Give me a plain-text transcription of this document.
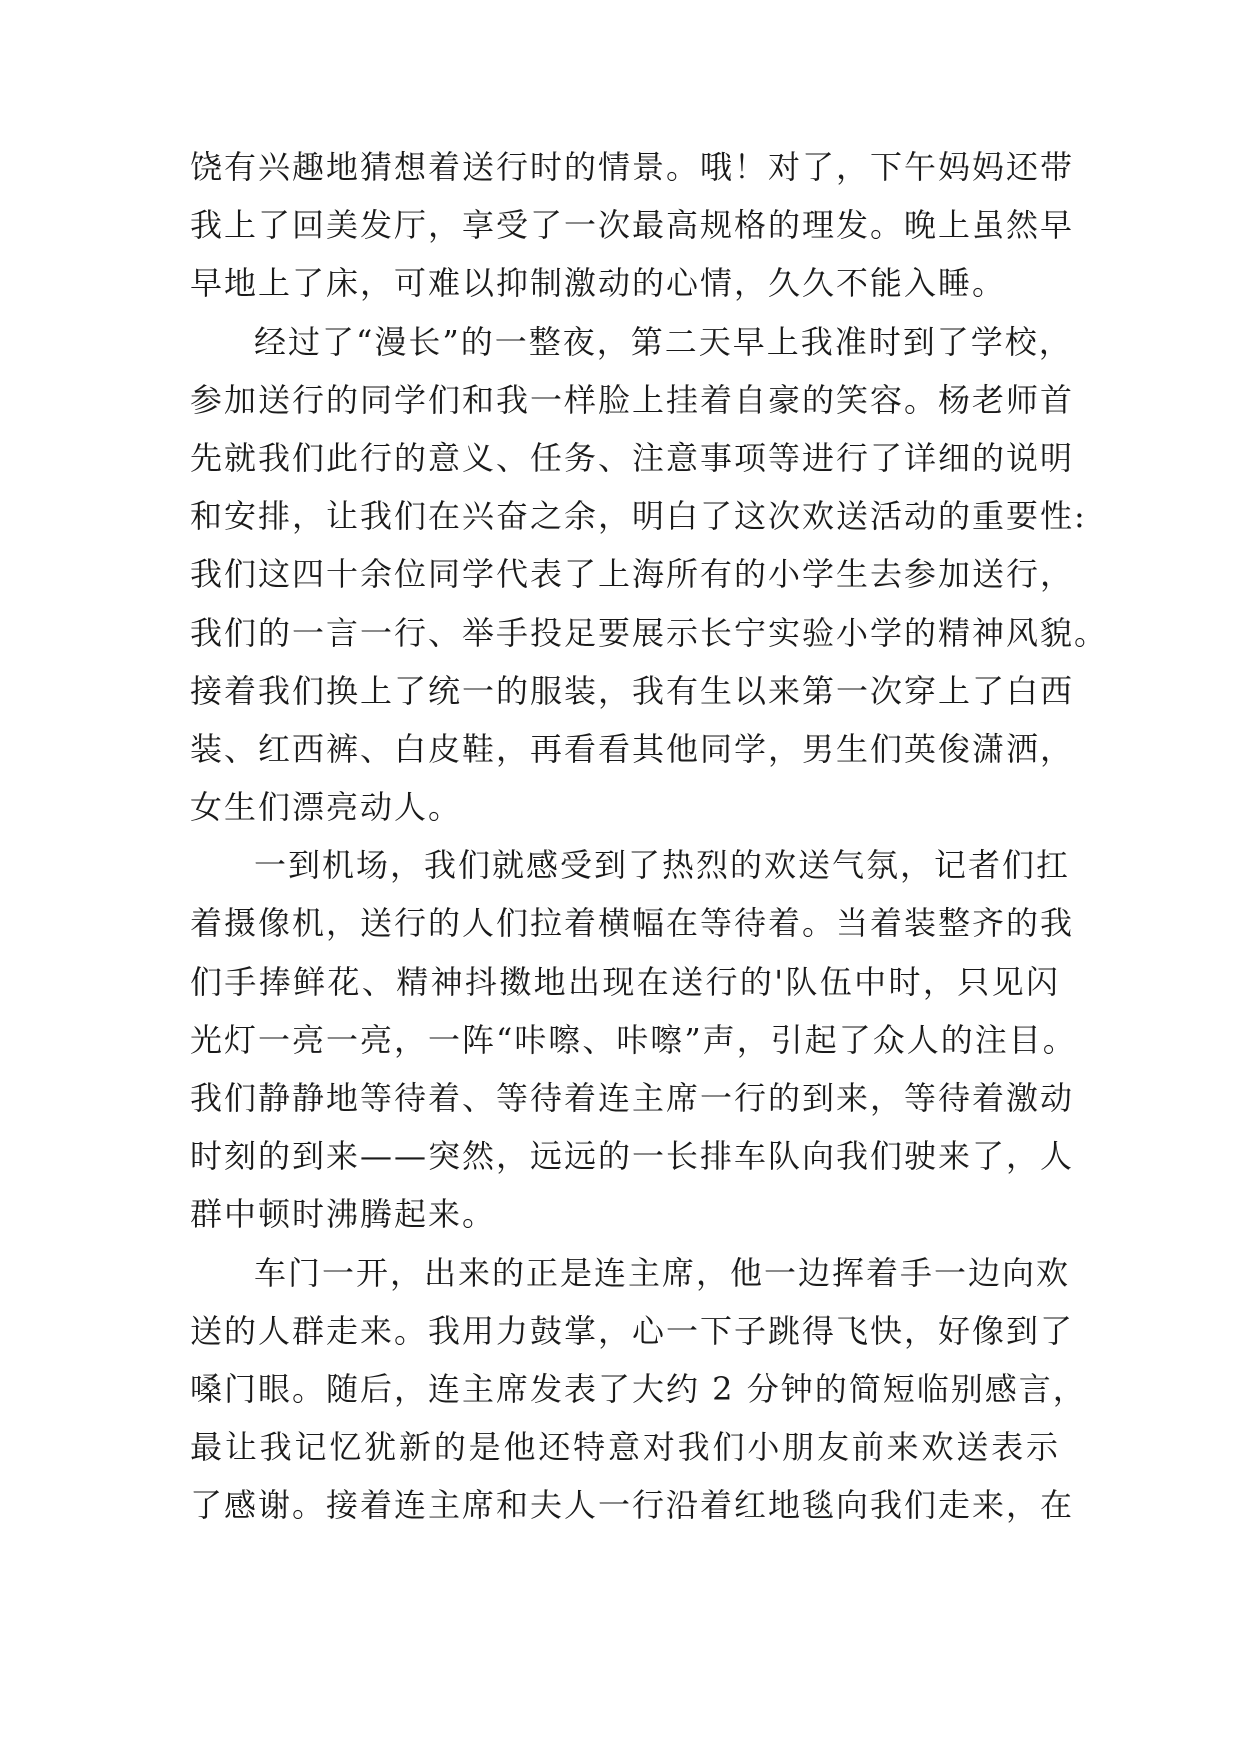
饶有兴趣地猜想着送行时的情景。哦！对了，下午妈妈还带
我上了回美发厅，享受了一次最高规格的理发。晚上虽然早
早地上了床，可难以抑制激动的心情，久久不能入睡。
经过了“漫长”的一整夜，第二天早上我准时到了学校，
参加送行的同学们和我一样脸上挂着自豪的笑容。杨老师首
先就我们此行的意义、任务、注意事项等进行了详细的说明
和安排，让我们在兴奋之余，明白了这次欢送活动的重要性:
我们这四十余位同学代表了上海所有的小学生去参加送行，
我们的一言一行、举手投足要展示长宁实验小学的精神风貌。
接着我们换上了统一的服装，我有生以来第一次穿上了白西
装、红西裤、白皮鞋，再看看其他同学，男生们英俊潇洒，
女生们漂亮动人。
一到机场，我们就感受到了热烈的欢送气氛，记者们扛
着摄像机，送行的人们拉着横幅在等待着。当着装整齐的我
们手捧鲜花、精神抖擞地出现在送行的'队伍中时，只见闪
光灯一亮一亮，一阵“咔嚓、咔嚓”声，引起了众人的注目。
我们静静地等待着、等待着连主席一行的到来，等待着激动
时刻的到来——突然，远远的一长排车队向我们驶来了，人
群中顿时沸腾起来。
车门一开，出来的正是连主席，他一边挥着手一边向欢
送的人群走来。我用力鼓掌，心一下子跳得飞快，好像到了
嗓门眼。随后，连主席发表了大约 2 分钟的简短临别感言，
最让我记忆犹新的是他还特意对我们小朋友前来欢送表示
了感谢。接着连主席和夫人一行沿着红地毯向我们走来，在
